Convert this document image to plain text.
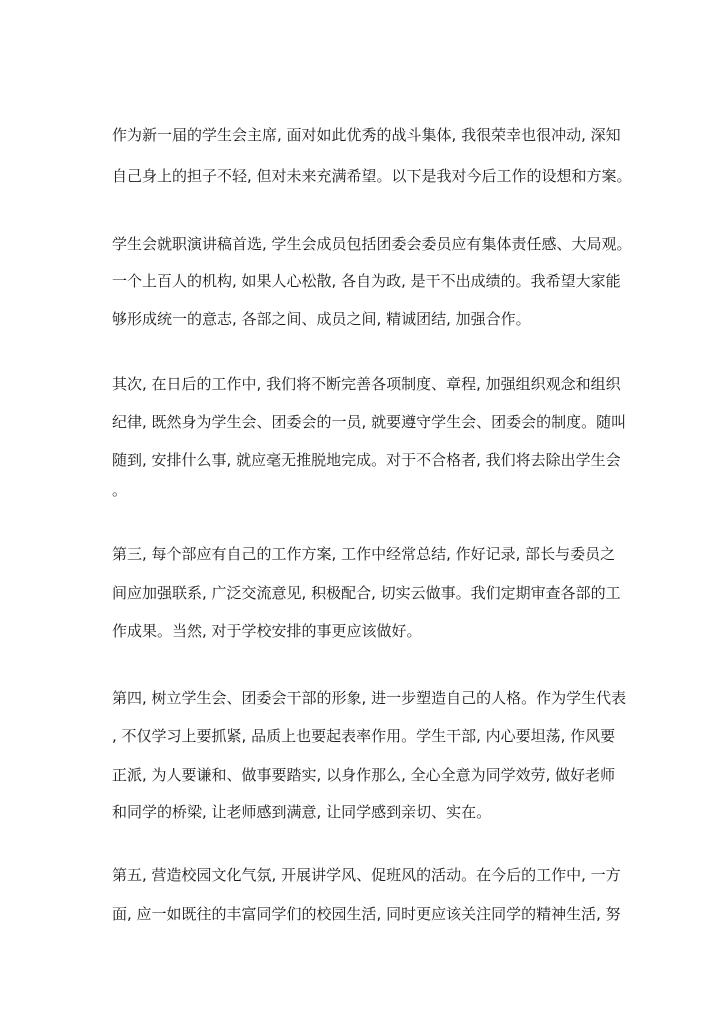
作为新一届的学生会主席, 面对如此优秀的战斗集体, 我很荣幸也很冲动, 深知
自己身上的担子不轻, 但对未来充满希望。以下是我对今后工作的设想和方案。
学生会就职演讲稿首选, 学生会成员包括团委会委员应有集体责任感、大局观。
一个上百人的机构, 如果人心松散, 各自为政, 是干不出成绩的。我希望大家能
够形成统一的意志, 各部之间、成员之间, 精诚团结, 加强合作。
其次, 在日后的工作中, 我们将不断完善各项制度、章程, 加强组织观念和组织
纪律, 既然身为学生会、团委会的一员, 就要遵守学生会、团委会的制度。随叫
随到, 安排什么事, 就应毫无推脱地完成。对于不合格者, 我们将去除出学生会
。
第三, 每个部应有自己的工作方案, 工作中经常总结, 作好记录, 部长与委员之
间应加强联系, 广泛交流意见, 积极配合, 切实云做事。我们定期审查各部的工
作成果。当然, 对于学校安排的事更应该做好。
第四, 树立学生会、团委会干部的形象, 进一步塑造自己的人格。作为学生代表
, 不仅学习上要抓紧, 品质上也要起表率作用。学生干部, 内心要坦荡, 作风要
正派, 为人要谦和、做事要踏实, 以身作那么, 全心全意为同学效劳, 做好老师
和同学的桥梁, 让老师感到满意, 让同学感到亲切、实在。
第五, 营造校园文化气氛, 开展讲学风、促班风的活动。在今后的工作中, 一方
面, 应一如既往的丰富同学们的校园生活, 同时更应该关注同学的精神生活, 努
